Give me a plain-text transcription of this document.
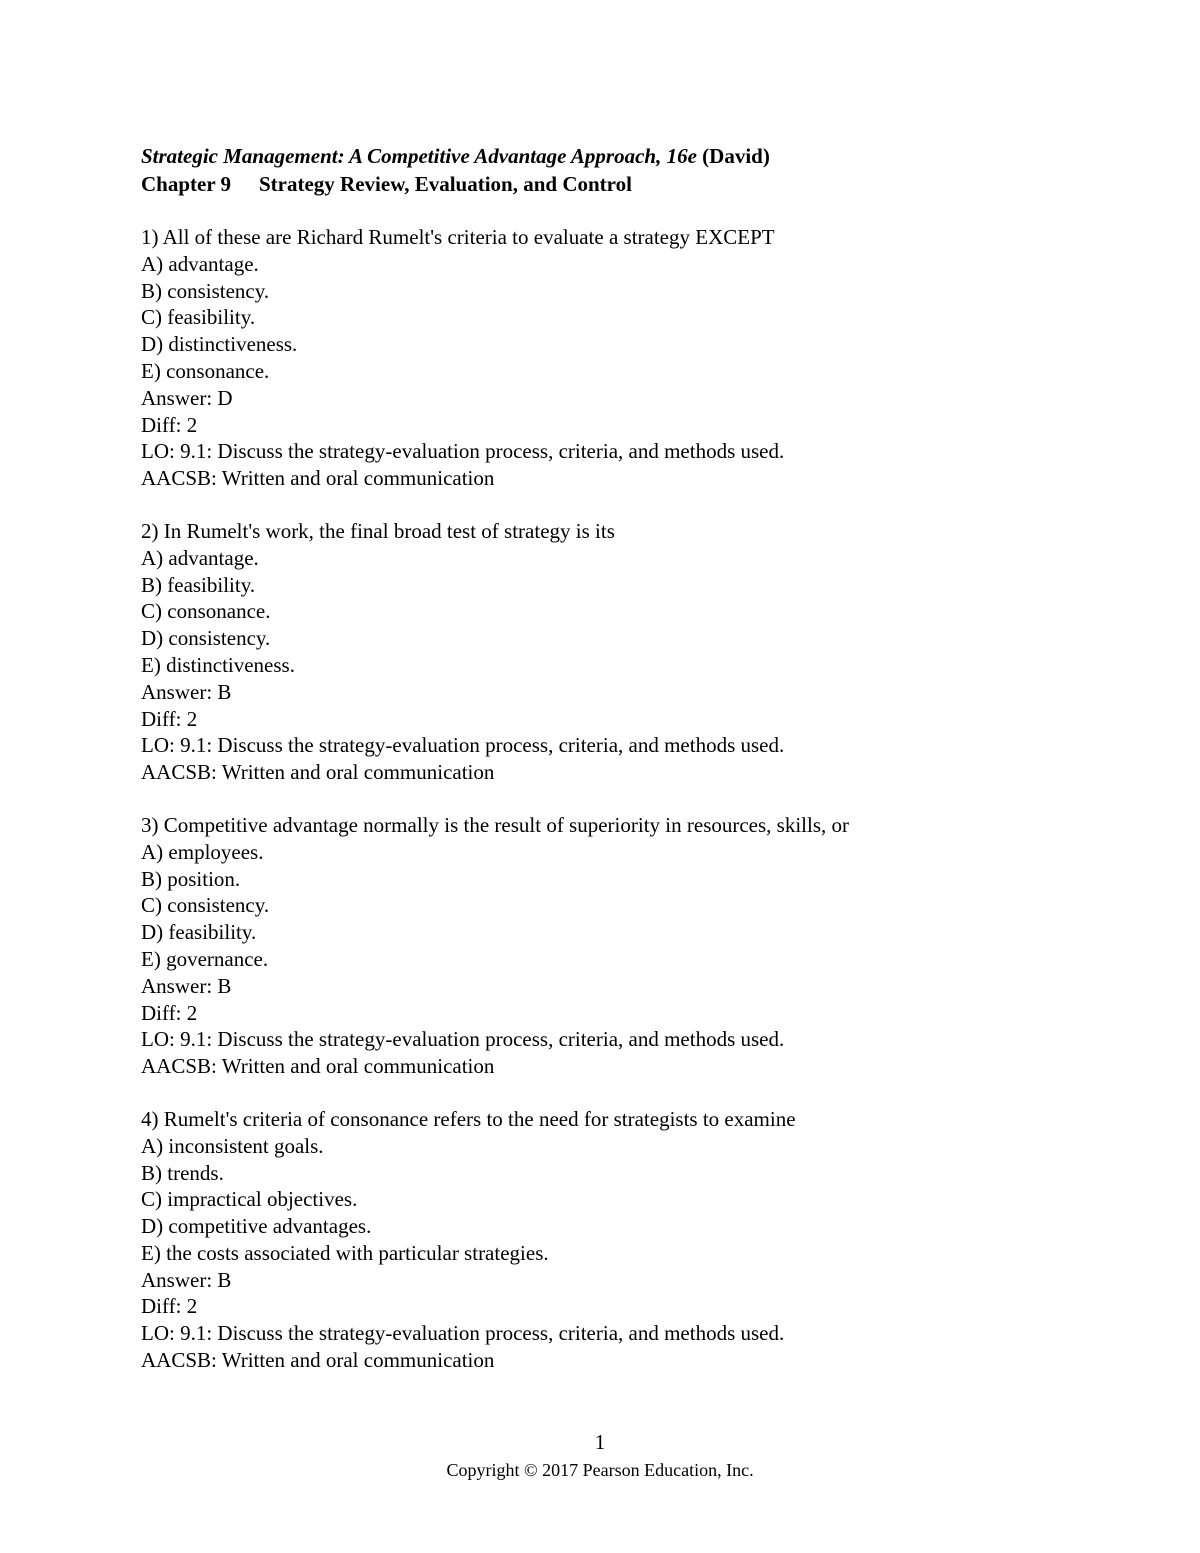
Strategic Management: A Competitive Advantage Approach, 16e (David)
Chapter 9 Strategy Review, Evaluation, and Control
1) All of these are Richard Rumelt's criteria to evaluate a strategy EXCEPT
A) advantage.
B) consistency.
C) feasibility.
D) distinctiveness.
E) consonance.
Answer: D
Diff: 2
LO: 9.1: Discuss the strategy-evaluation process, criteria, and methods used.
AACSB: Written and oral communication
2) In Rumelt's work, the final broad test of strategy is its
A) advantage.
B) feasibility.
C) consonance.
D) consistency.
E) distinctiveness.
Answer: B
Diff: 2
LO: 9.1: Discuss the strategy-evaluation process, criteria, and methods used.
AACSB: Written and oral communication
3) Competitive advantage normally is the result of superiority in resources, skills, or
A) employees.
B) position.
C) consistency.
D) feasibility.
E) governance.
Answer: B
Diff: 2
LO: 9.1: Discuss the strategy-evaluation process, criteria, and methods used.
AACSB: Written and oral communication
4) Rumelt's criteria of consonance refers to the need for strategists to examine
A) inconsistent goals.
B) trends.
C) impractical objectives.
D) competitive advantages.
E) the costs associated with particular strategies.
Answer: B
Diff: 2
LO: 9.1: Discuss the strategy-evaluation process, criteria, and methods used.
AACSB: Written and oral communication
1
Copyright © 2017 Pearson Education, Inc.
